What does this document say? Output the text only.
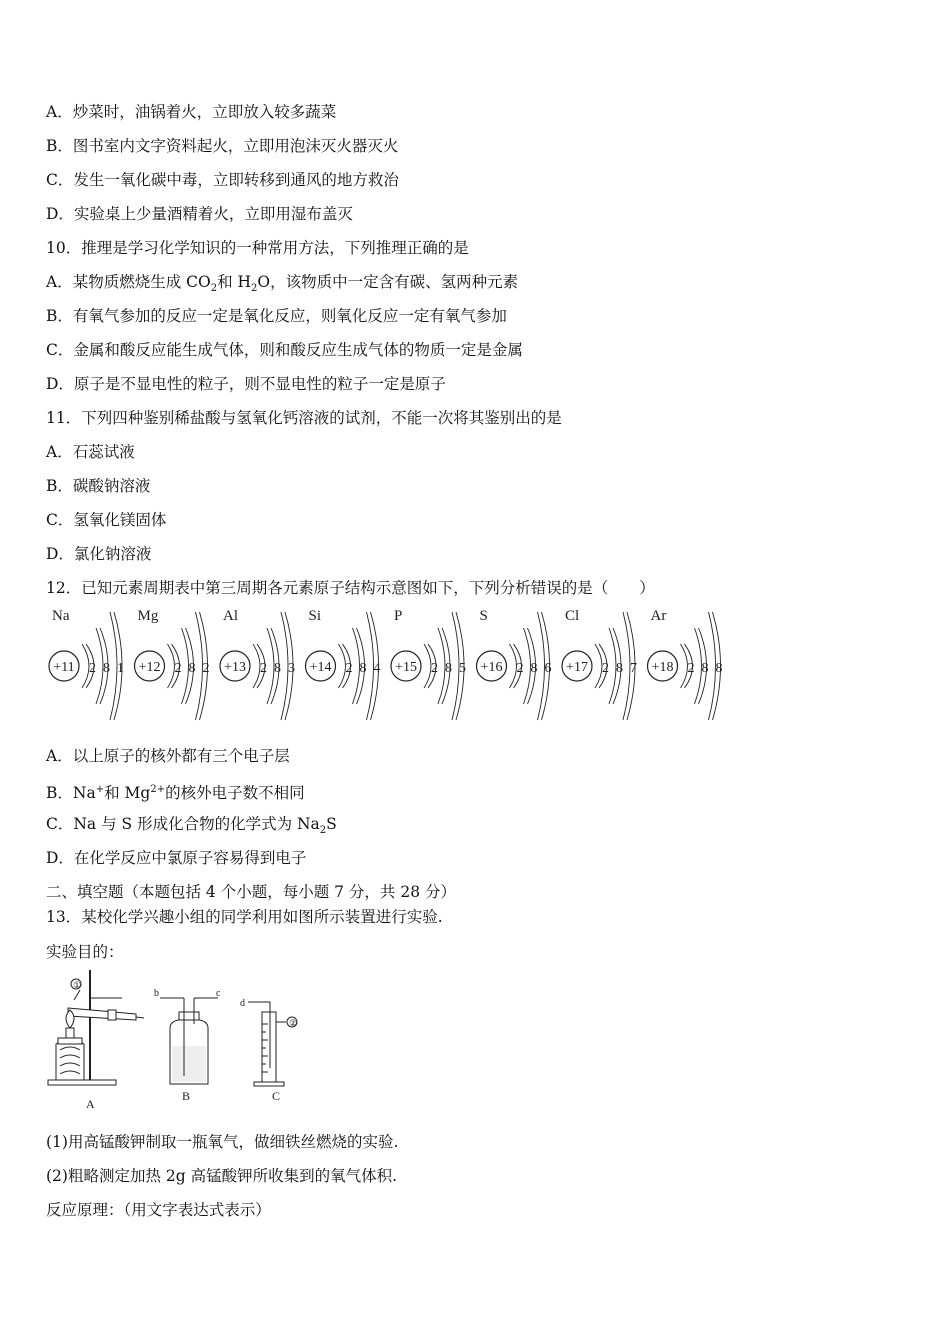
A．炒菜时，油锅着火，立即放入较多蔬菜
B．图书室内文字资料起火，立即用泡沫灭火器灭火
C．发生一氧化碳中毒，立即转移到通风的地方救治
D．实验桌上少量酒精着火，立即用湿布盖灭
10．推理是学习化学知识的一种常用方法，下列推理正确的是
A．某物质燃烧生成 $CO_2$和 $H_2O$，该物质中一定含有碳、氢两种元素
B．有氧气参加的反应一定是氧化反应，则氧化反应一定有氧气参加
C．金属和酸反应能生成气体，则和酸反应生成气体的物质一定是金属
D．原子是不显电性的粒子，则不显电性的粒子一定是原子
11．下列四种鉴别稀盐酸与氢氧化钙溶液的试剂，不能一次将其鉴别出的是
A．石蕊试液
B．碳酸钠溶液
C．氢氧化镁固体
D．氯化钠溶液
12．已知元素周期表中第三周期各元素原子结构示意图如下，下列分析错误的是（　　）
Na
+11 2 8 1
Mg
+12 2 8 2
Al
+13 2 8 3
Si
+14 2 8 4
P
+15 2 8 5
S
+16 2 8 6
Cl
+17 2 8 7
Ar
+18 2 8 8
A．以上原子的核外都有三个电子层
B．Na+和 $Mg^{2+}$的核外电子数不相同
C．Na 与 S 形成化合物的化学式为 $Na_2S$
D．在化学反应中氯原子容易得到电子
二、填空题（本题包括 4 个小题，每小题 7 分，共 28 分）
13．某校化学兴趣小组的同学利用如图所示装置进行实验.
实验目的：
①
A
b	c
B
②
d
C
(1)用高锰酸钾制取一瓶氧气，做细铁丝燃烧的实验.
(2)粗略测定加热 2g 高锰酸钾所收集到的氧气体积.
反应原理：（用文字表达式表示）
